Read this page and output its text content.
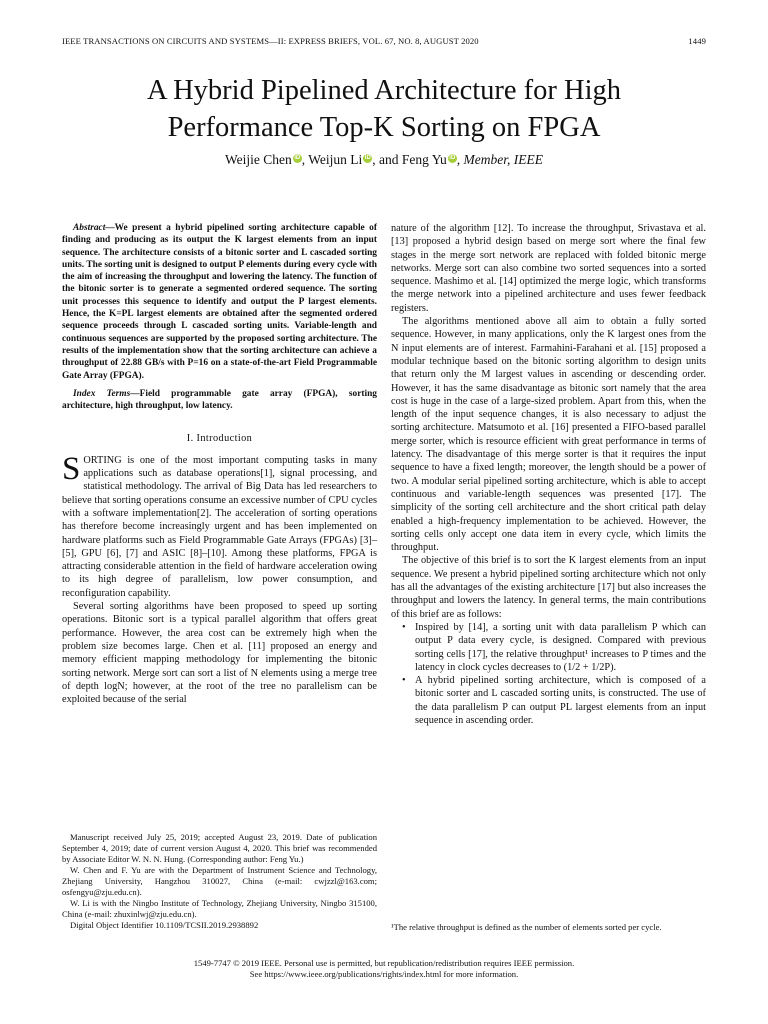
IEEE TRANSACTIONS ON CIRCUITS AND SYSTEMS—II: EXPRESS BRIEFS, VOL. 67, NO. 8, AUGUST 2020	1449
A Hybrid Pipelined Architecture for High
Performance Top-K Sorting on FPGA
Weijie Chen iD , Weijun Li iD , and Feng Yu iD , Member, IEEE

Abstract—We present a hybrid pipelined sorting architecture capable of finding and producing as its output the K largest elements from an input sequence. The architecture consists of a bitonic sorter and L cascaded sorting units. The sorting unit is designed to output P elements during every cycle with the aim of increasing the throughput and lowering the latency. The function of the bitonic sorter is to generate a segmented ordered sequence. The sorting unit processes this sequence to identify and output the P largest elements. Hence, the K=PL largest elements are obtained after the segmented ordered sequence proceeds through L cascaded sorting units. Variable-length and continuous sequences are supported by the proposed sorting architecture. The results of the implementation show that the sorting architecture can achieve a throughput of 22.88 GB/s with P=16 on a state-of-the-art Field Programmable Gate Array (FPGA).

Index Terms—Field programmable gate array (FPGA), sorting architecture, high throughput, low latency.

I. Introduction

SORTING is one of the most important computing tasks in many applications such as database operations[1], signal processing, and statistical methodology. The arrival of Big Data has led researchers to believe that sorting operations consume an excessive number of CPU cycles with a software implementation[2]. The acceleration of sorting operations has therefore become increasingly urgent and has been implemented on hardware platforms such as Field Programmable Gate Arrays (FPGAs) [3]–[5], GPU [6], [7] and ASIC [8]–[10]. Among these platforms, FPGA is attracting considerable attention in the field of hardware acceleration owing to its high degree of parallelism, low power consumption, and reconfiguration capability.

Several sorting algorithms have been proposed to speed up sorting operations. Bitonic sort is a typical parallel algorithm that offers great performance. However, the area cost can be extremely high when the problem size becomes large. Chen et al. [11] proposed an energy and memory efficient mapping methodology for implementing the bitonic sorting network. Merge sort can sort a list of N elements using a merge tree of depth logN; however, at the root of the tree no parallelism can be exploited because of the serial

Manuscript received July 25, 2019; accepted August 23, 2019. Date of publication September 4, 2019; date of current version August 4, 2020. This brief was recommended by Associate Editor W. N. N. Hung. (Corresponding author: Feng Yu.)

W. Chen and F. Yu are with the Department of Instrument Science and Technology, Zhejiang University, Hangzhou 310027, China (e-mail: cwjzzl@163.com; osfengyu@zju.edu.cn).

W. Li is with the Ningbo Institute of Technology, Zhejiang University, Ningbo 315100, China (e-mail: zhuxinlwj@zju.edu.cn).

Digital Object Identifier 10.1109/TCSII.2019.2938892

nature of the algorithm [12]. To increase the throughput, Srivastava et al. [13] proposed a hybrid design based on merge sort where the final few stages in the merge sort network are replaced with folded bitonic merge networks. Merge sort can also combine two sorted sequences into a sorted sequence. Mashimo et al. [14] optimized the merge logic, which transforms the merge network into a pipelined architecture and uses fewer feedback registers.

The algorithms mentioned above all aim to obtain a fully sorted sequence. However, in many applications, only the K largest ones from the N input elements are of interest. Farmahini-Farahani et al. [15] proposed a modular technique based on the bitonic sorting algorithm to design units that return only the M largest values in ascending or descending order. However, it has the same disadvantage as bitonic sort namely that the area cost is huge in the case of a large-sized problem. Apart from this, when the length of the input sequence changes, it is also necessary to adjust the sorting architecture. Matsumoto et al. [16] presented a FIFO-based parallel merge sorter, which is resource efficient with great performance in terms of latency. The disadvantage of this merge sorter is that it requires the input sequence to have a fixed length; moreover, the length should be a power of two. A modular serial pipelined sorting architecture, which is able to accept continuous and variable-length sequences was presented [17]. The simplicity of the sorting cell architecture and the short critical path delay enabled a high-frequency implementation to be achieved. However, the sorting cells only accept one data item in every cycle, which limits the throughput.

The objective of this brief is to sort the K largest elements from an input sequence. We present a hybrid pipelined sorting architecture which not only has all the advantages of the existing architecture [17] but also increases the throughput and lowers the latency. In general terms, the main contributions of this brief are as follows:

• Inspired by [14], a sorting unit with data parallelism P which can output P data every cycle, is designed. Compared with previous sorting cells [17], the relative throughput¹ increases to P times and the latency in clock cycles decreases to (1/2 + 1/2P).
• A hybrid pipelined sorting architecture, which is composed of a bitonic sorter and L cascaded sorting units, is constructed. The use of the data parallelism P can output PL largest elements from an input sequence in ascending order.
¹The relative throughput is defined as the number of elements sorted per cycle.
1549-7747 © 2019 IEEE. Personal use is permitted, but republication/redistribution requires IEEE permission.
See https://www.ieee.org/publications/rights/index.html for more information.
